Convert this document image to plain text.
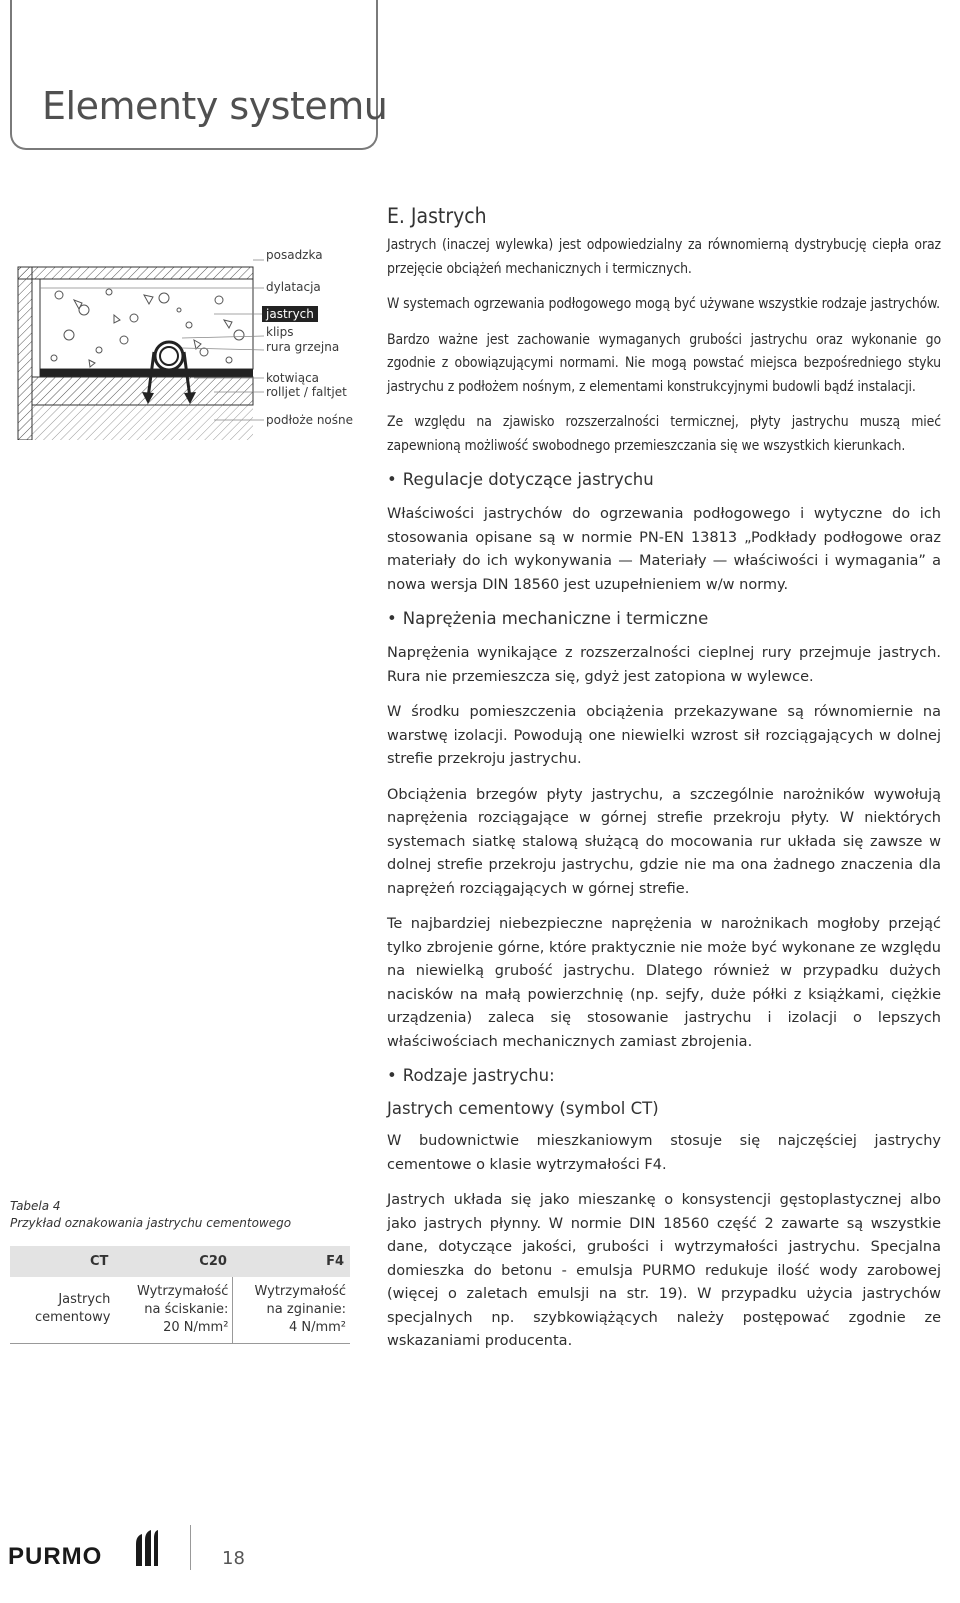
Elementy systemu
posadzka
dylatacja
jastrych
klips
rura grzejna
kotwiąca
rolljet / faltjet
podłoże nośne
E. Jastrych

Jastrych (inaczej wylewka) jest odpowiedzialny za równomierną dystrybucję ciepła oraz przejęcie obciążeń mechanicznych i termicznych.

W systemach ogrzewania podłogowego mogą być używane wszystkie rodzaje jastrychów.

Bardzo ważne jest zachowanie wymaganych grubości jastrychu oraz wykonanie go zgodnie z obowiązującymi normami. Nie mogą powstać miejsca bezpośredniego styku jastrychu z podłożem nośnym, z elementami konstrukcyjnymi budowli bądź instalacji.

Ze względu na zjawisko rozszerzalności termicznej, płyty jastrychu muszą mieć zapewnioną możliwość swobodnego przemieszczania się we wszystkich kierunkach.

• Regulacje dotyczące jastrychu

Właściwości jastrychów do ogrzewania podłogowego i wytyczne do ich stosowania opisane są w normie PN-EN 13813 „Podkłady podłogowe oraz materiały do ich wykonywania — Materiały — właściwości i wymagania” a nowa wersja DIN 18560 jest uzupełnieniem w/w normy.

• Naprężenia mechaniczne i termiczne

Naprężenia wynikające z rozszerzalności cieplnej rury przejmuje jastrych. Rura nie przemieszcza się, gdyż jest zatopiona w wylewce.

W środku pomieszczenia obciążenia przekazywane są równomiernie na warstwę izolacji. Powodują one niewielki wzrost sił rozciągających w dolnej strefie przekroju jastrychu.

Obciążenia brzegów płyty jastrychu, a szczególnie narożników wywołują naprężenia rozciągające w górnej strefie przekroju płyty. W niektórych systemach siatkę stalową służącą do mocowania rur układa się zawsze w dolnej strefie przekroju jastrychu, gdzie nie ma ona żadnego znaczenia dla naprężeń rozciągających w górnej strefie.

Te najbardziej niebezpieczne naprężenia w narożnikach mogłoby przejąć tylko zbrojenie górne, które praktycznie nie może być wykonane ze względu na niewielką grubość jastrychu. Dlatego również w przypadku dużych nacisków na małą powierzchnię (np. sejfy, duże półki z książkami, ciężkie urządzenia) zaleca się stosowanie jastrychu i izolacji o lepszych właściwościach mechanicznych zamiast zbrojenia.

• Rodzaje jastrychu:
Jastrych cementowy (symbol CT)

W budownictwie mieszkaniowym stosuje się najczęściej jastrychy cementowe o klasie wytrzymałości F4.

Jastrych układa się jako mieszankę o konsystencji gęstoplastycznej albo jako jastrych płynny. W normie DIN 18560 część 2 zawarte są wszystkie dane, dotyczące jakości, grubości i wytrzymałości jastrychu. Specjalna domieszka do betonu - emulsja PURMO redukuje ilość wody zarobowej (więcej o zaletach emulsji na str. 19). W przypadku użycia jastrychów specjalnych np. szybkowiążących należy postępować zgodnie ze wskazaniami producenta.

Tabela 4

Przykład oznakowania jastrychu cementowego

CT	C20	F4
Jastrych
cementowy	Wytrzymałość
na ściskanie:
20 N/mm²	Wytrzymałość
na zginanie:
4 N/mm²
PURMO	18
